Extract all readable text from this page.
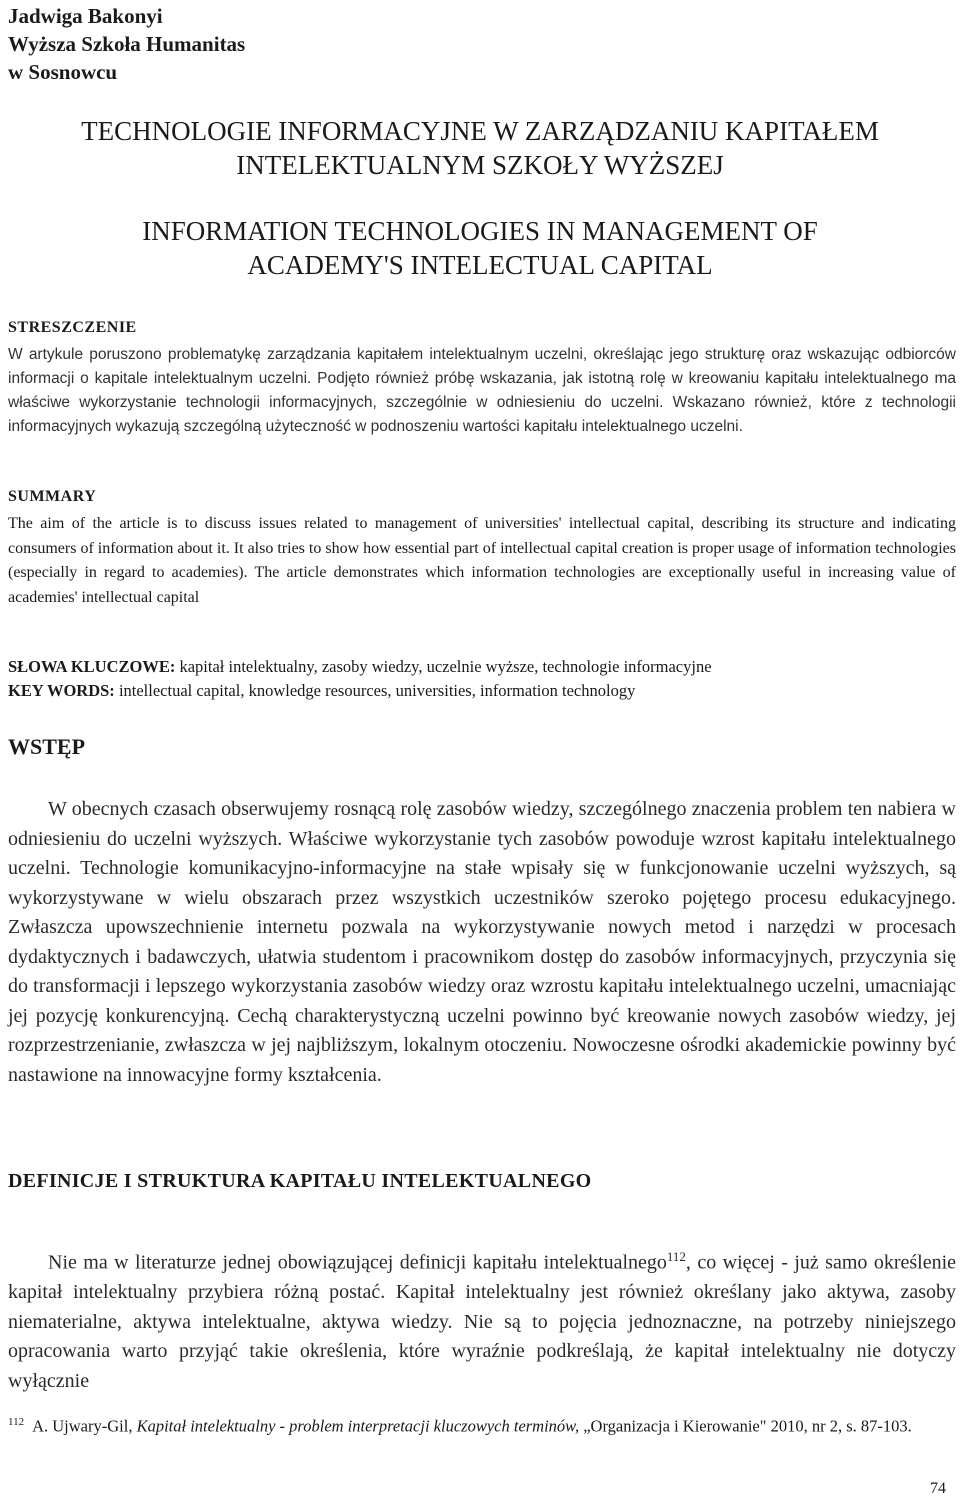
Jadwiga Bakonyi
Wyższa Szkoła Humanitas
w Sosnowcu
TECHNOLOGIE INFORMACYJNE W ZARZĄDZANIU KAPITAŁEM
INTELEKTUALNYM SZKOŁY WYŻSZEJ
INFORMATION TECHNOLOGIES IN MANAGEMENT OF
ACADEMY'S INTELECTUAL CAPITAL
STRESZCZENIE
W artykule poruszono problematykę zarządzania kapitałem intelektualnym uczelni, określając jego strukturę oraz wskazując odbiorców informacji o kapitale intelektualnym uczelni. Podjęto również próbę wskazania, jak istotną rolę w kreowaniu kapitału intelektualnego ma właściwe wykorzystanie technologii informacyjnych, szczególnie w odniesieniu do uczelni. Wskazano również, które z technologii informacyjnych wykazują szczególną użyteczność w podnoszeniu wartości kapitału intelektualnego uczelni.
SUMMARY
The aim of the article is to discuss issues related to management of universities' intellectual capital, describing its structure and indicating consumers of information about it. It also tries to show how essential part of intellectual capital creation is proper usage of information technologies (especially in regard to academies). The article demonstrates which information technologies are exceptionally useful in increasing value of academies' intellectual capital
SŁOWA KLUCZOWE: kapitał intelektualny, zasoby wiedzy, uczelnie wyższe, technologie informacyjne
KEY WORDS: intellectual capital, knowledge resources, universities, information technology
WSTĘP
W obecnych czasach obserwujemy rosnącą rolę zasobów wiedzy, szczególnego znaczenia problem ten nabiera w odniesieniu do uczelni wyższych. Właściwe wykorzystanie tych zasobów powoduje wzrost kapitału intelektualnego uczelni. Technologie komunikacyjno-informacyjne na stałe wpisały się w funkcjonowanie uczelni wyższych, są wykorzystywane w wielu obszarach przez wszystkich uczestników szeroko pojętego procesu edukacyjnego. Zwłaszcza upowszechnienie internetu pozwala na wykorzystywanie nowych metod i narzędzi w procesach dydaktycznych i badawczych, ułatwia studentom i pracownikom dostęp do zasobów informacyjnych, przyczynia się do transformacji i lepszego wykorzystania zasobów wiedzy oraz wzrostu kapitału intelektualnego uczelni, umacniając jej pozycję konkurencyjną. Cechą charakterystyczną uczelni powinno być kreowanie nowych zasobów wiedzy, jej rozprzestrzenianie, zwłaszcza w jej najbliższym, lokalnym otoczeniu. Nowoczesne ośrodki akademickie powinny być nastawione na innowacyjne formy kształcenia.
DEFINICJE I STRUKTURA KAPITAŁU INTELEKTUALNEGO
Nie ma w literaturze jednej obowiązującej definicji kapitału intelektualnego$^{112}$, co więcej - już samo określenie kapitał intelektualny przybiera różną postać. Kapitał intelektualny jest również określany jako aktywa, zasoby niematerialne, aktywa intelektualne, aktywa wiedzy. Nie są to pojęcia jednoznaczne, na potrzeby niniejszego opracowania warto przyjąć takie określenia, które wyraźnie podkreślają, że kapitał intelektualny nie dotyczy wyłącznie
$^{112}$ A. Ujwary-Gil, Kapitał intelektualny - problem interpretacji kluczowych terminów, „Organizacja i Kierowanie" 2010, nr 2, s. 87-103.
74
